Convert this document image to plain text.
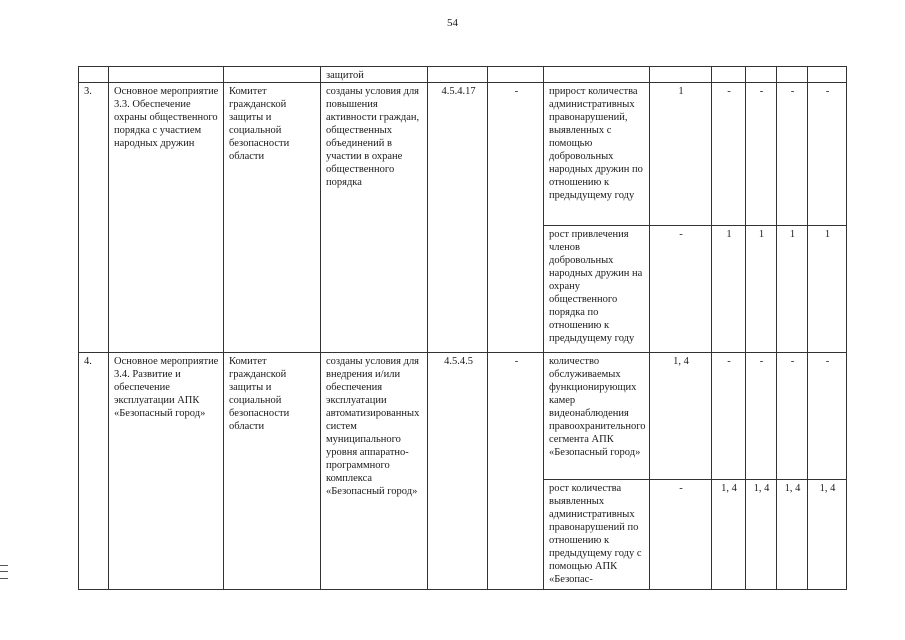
54
			защитой								
3.	Основное мероприятие 3.3. Обеспечение охраны общественного порядка с участием народных дружин	Комитет гражданской защиты и социальной безопасности области	созданы условия для повышения активности граждан, общественных объединений в участии в охране общественного порядка	4.5.4.17	-	прирост количества административных правонарушений, выявленных с помощью добровольных народных дружин по отношению к предыдущему году	1	-	-	-	-
						рост привлечения членов добровольных народных дружин на охрану общественного порядка по отношению к предыдущему году	-	1	1	1	1
4.	Основное мероприятие 3.4. Развитие и обеспечение эксплуатации АПК «Безопасный город»	Комитет гражданской защиты и социальной безопасности области	созданы условия для внедрения и/или обеспечения эксплуатации автоматизированных систем муниципального уровня аппаратно-программного комплекса «Безопасный город»	4.5.4.5	-	количество обслуживаемых функционирующих камер видеонаблюдения правоохранительного сегмента АПК «Безопасный город»	1, 4	-	-	-	-
						рост количества выявленных административных правонарушений по отношению к предыдущему году с помощью АПК «Безопас-	-	1, 4	1, 4	1, 4	1, 4
